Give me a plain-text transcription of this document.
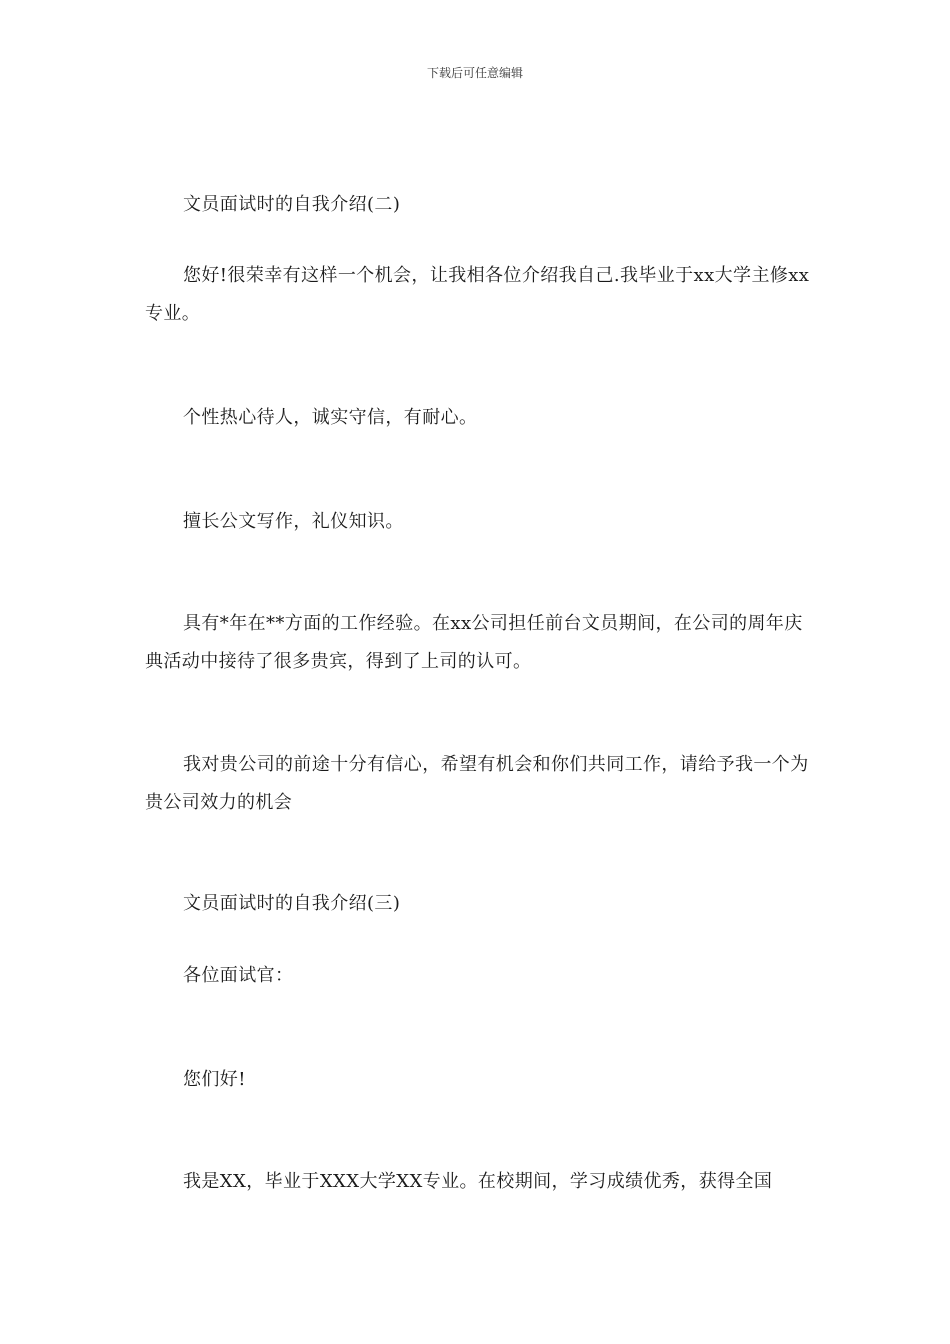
下载后可任意编辑

文员面试时的自我介绍(二)

您好!很荣幸有这样一个机会，让我相各位介绍我自己.我毕业于xx大学主修xx专业。

个性热心待人，诚实守信，有耐心。

擅长公文写作，礼仪知识。

具有*年在**方面的工作经验。在xx公司担任前台文员期间，在公司的周年庆典活动中接待了很多贵宾，得到了上司的认可。

我对贵公司的前途十分有信心，希望有机会和你们共同工作，请给予我一个为贵公司效力的机会

文员面试时的自我介绍(三)

各位面试官：

您们好!

我是XX，毕业于XXX大学XX专业。在校期间，学习成绩优秀，获得全国
